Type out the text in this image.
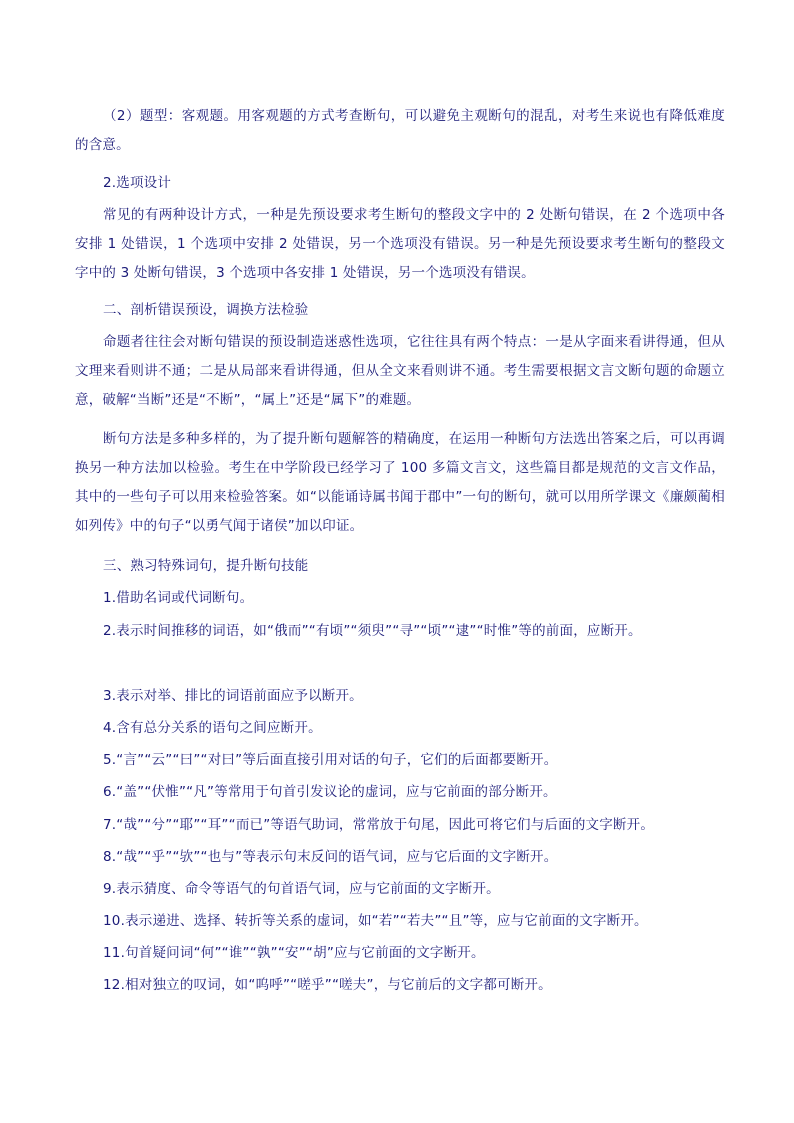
（2）题型：客观题。用客观题的方式考查断句，可以避免主观断句的混乱，对考生来说也有降低难度的含意。

2.选项设计

常见的有两种设计方式，一种是先预设要求考生断句的整段文字中的 2 处断句错误，在 2 个选项中各安排 1 处错误，1 个选项中安排 2 处错误，另一个选项没有错误。另一种是先预设要求考生断句的整段文字中的 3 处断句错误，3 个选项中各安排 1 处错误，另一个选项没有错误。

二、剖析错误预设，调换方法检验

命题者往往会对断句错误的预设制造迷惑性选项，它往往具有两个特点：一是从字面来看讲得通，但从文理来看则讲不通；二是从局部来看讲得通，但从全文来看则讲不通。考生需要根据文言文断句题的命题立意，破解“当断”还是“不断”，“属上”还是“属下”的难题。

断句方法是多种多样的，为了提升断句题解答的精确度，在运用一种断句方法选出答案之后，可以再调换另一种方法加以检验。考生在中学阶段已经学习了 100 多篇文言文，这些篇目都是规范的文言文作品，其中的一些句子可以用来检验答案。如“以能诵诗属书闻于郡中”一句的断句，就可以用所学课文《廉颇蔺相如列传》中的句子“以勇气闻于诸侯”加以印证。

三、熟习特殊词句，提升断句技能

1.借助名词或代词断句。

2.表示时间推移的词语，如“俄而”“有顷”“须臾”“寻”“顷”“逮”“时惟”等的前面，应断开。

3.表示对举、排比的词语前面应予以断开。

4.含有总分关系的语句之间应断开。

5.“言”“云”“曰”“对曰”等后面直接引用对话的句子，它们的后面都要断开。

6.“盖”“伏惟”“凡”等常用于句首引发议论的虚词，应与它前面的部分断开。

7.“哉”“兮”“耶”“耳”“而已”等语气助词，常常放于句尾，因此可将它们与后面的文字断开。

8.“哉”“乎”“欤”“也与”等表示句末反问的语气词，应与它后面的文字断开。

9.表示猜度、命令等语气的句首语气词，应与它前面的文字断开。

10.表示递进、选择、转折等关系的虚词，如“若”“若夫”“且”等，应与它前面的文字断开。

11.句首疑问词“何”“谁”“孰”“安”“胡”应与它前面的文字断开。

12.相对独立的叹词，如“呜呼”“嗟乎”“嗟夫”，与它前后的文字都可断开。
